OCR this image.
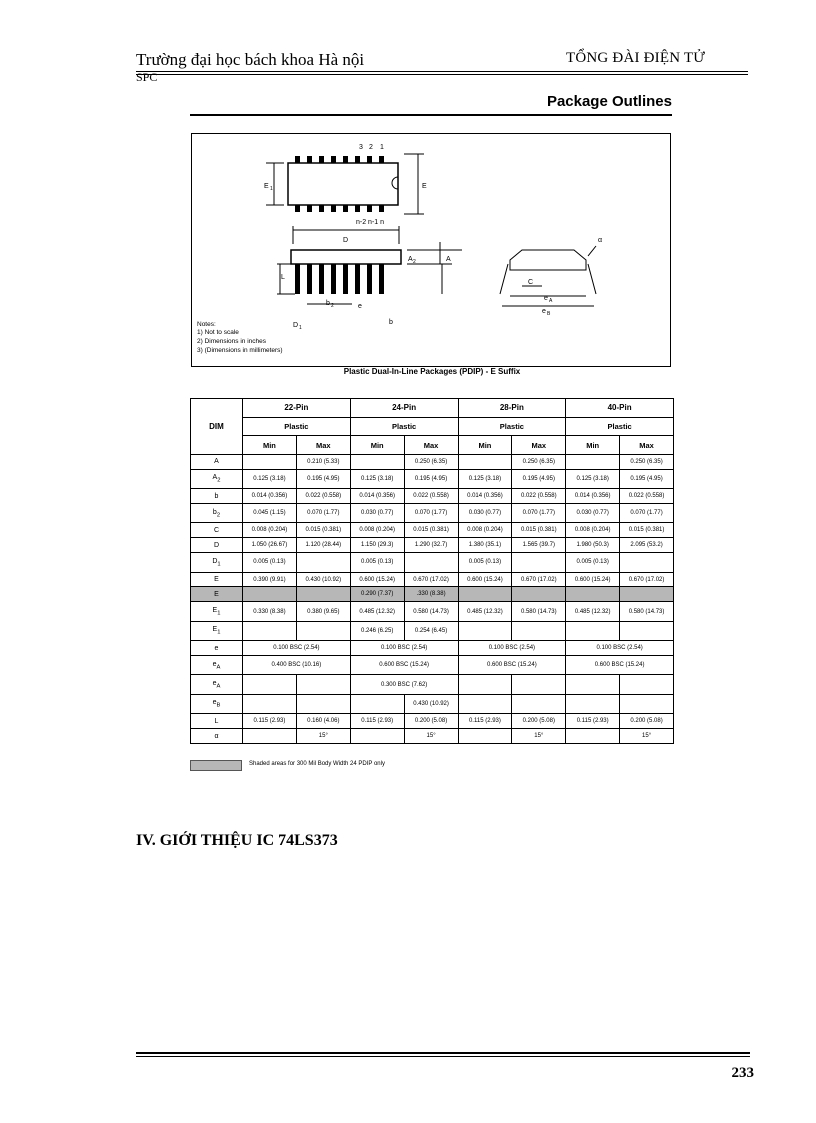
Trường đại học bách khoa Hà nội	TỔNG ĐÀI ĐIỆN TỬ
SPC
Package Outlines
3 2 1
n-2 n-1 n
E 1	E
D
A 2	A
L
b 2	e
D 1
b
C
α
e A
e B
Notes:
1) Not to scale
2) Dimensions in inches
3) (Dimensions in millimeters)
Plastic Dual-In-Line Packages (PDIP) - E Suffix
DIM	22-Pin		24-Pin		28-Pin		40-Pin	
	Plastic		Plastic		Plastic		Plastic	
	Min	Max	Min	Max	Min	Max	Min	Max
A		0.210 (5.33)		0.250 (6.35)		0.250 (6.35)		0.250 (6.35)
$A_2$	0.125 (3.18)	0.195 (4.95)	0.125 (3.18)	0.195 (4.95)	0.125 (3.18)	0.195 (4.95)	0.125 (3.18)	0.195 (4.95)
b	0.014 (0.356)	0.022 (0.558)	0.014 (0.356)	0.022 (0.558)	0.014 (0.356)	0.022 (0.558)	0.014 (0.356)	0.022 (0.558)
$b_2$	0.045 (1.15)	0.070 (1.77)	0.030 (0.77)	0.070 (1.77)	0.030 (0.77)	0.070 (1.77)	0.030 (0.77)	0.070 (1.77)
C	0.008 (0.204)	0.015 (0.381)	0.008 (0.204)	0.015 (0.381)	0.008 (0.204)	0.015 (0.381)	0.008 (0.204)	0.015 (0.381)
D	1.050 (26.67)	1.120 (28.44)	1.150 (29.3)	1.290 (32.7)	1.380 (35.1)	1.565 (39.7)	1.980 (50.3)	2.095 (53.2)
$D_1$	0.005 (0.13)		0.005 (0.13)		0.005 (0.13)		0.005 (0.13)	
E	0.390 (9.91)	0.430 (10.92)	0.600 (15.24)	0.670 (17.02)	0.600 (15.24)	0.670 (17.02)	0.600 (15.24)	0.670 (17.02)
E			0.290 (7.37)	.330 (8.38)				
$E_1$	0.330 (8.38)	0.380 (9.65)	0.485 (12.32)	0.580 (14.73)	0.485 (12.32)	0.580 (14.73)	0.485 (12.32)	0.580 (14.73)
$E_1$			0.246 (6.25)	0.254 (6.45)				
e	0.100 BSC (2.54)		0.100 BSC (2.54)		0.100 BSC (2.54)		0.100 BSC (2.54)	
$e_A$	0.400 BSC (10.16)		0.600 BSC (15.24)		0.600 BSC (15.24)		0.600 BSC (15.24)	
$e_A$			0.300 BSC (7.62)					
$e_B$				0.430 (10.92)				
L	0.115 (2.93)	0.160 (4.06)	0.115 (2.93)	0.200 (5.08)	0.115 (2.93)	0.200 (5.08)	0.115 (2.93)	0.200 (5.08)
α		15°		15°		15°		15°
Shaded areas for 300 Mil Body Width 24 PDIP only
IV. GIỚI THIỆU IC 74LS373
233
